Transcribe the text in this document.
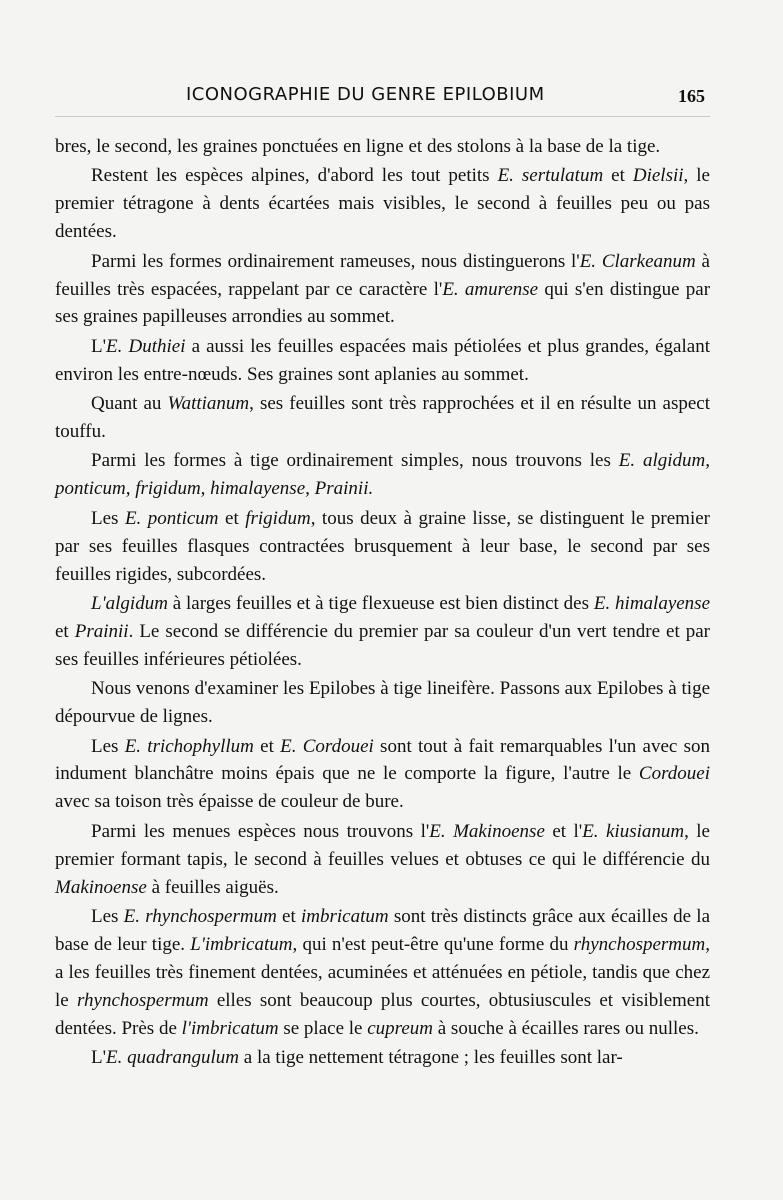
ICONOGRAPHIE DU GENRE EPILOBIUM	165

bres, le second, les graines ponctuées en ligne et des stolons à la base de la tige.

Restent les espèces alpines, d'abord les tout petits E. sertulatum et Dielsii, le premier tétragone à dents écartées mais visibles, le second à feuilles peu ou pas dentées.

Parmi les formes ordinairement rameuses, nous distinguerons l'E. Clarkeanum à feuilles très espacées, rappelant par ce caractère l'E. amurense qui s'en distingue par ses graines papilleuses arrondies au sommet.

L'E. Duthiei a aussi les feuilles espacées mais pétiolées et plus grandes, égalant environ les entre-nœuds. Ses graines sont aplanies au sommet.

Quant au Wattianum, ses feuilles sont très rapprochées et il en résulte un aspect touffu.

Parmi les formes à tige ordinairement simples, nous trouvons les E. algidum, ponticum, frigidum, himalayense, Prainii.

Les E. ponticum et frigidum, tous deux à graine lisse, se distinguent le premier par ses feuilles flasques contractées brusquement à leur base, le second par ses feuilles rigides, subcordées.

L'algidum à larges feuilles et à tige flexueuse est bien distinct des E. himalayense et Prainii. Le second se différencie du premier par sa couleur d'un vert tendre et par ses feuilles inférieures pétiolées.

Nous venons d'examiner les Epilobes à tige lineifère. Passons aux Epilobes à tige dépourvue de lignes.

Les E. trichophyllum et E. Cordouei sont tout à fait remarquables l'un avec son indument blanchâtre moins épais que ne le comporte la figure, l'autre le Cordouei avec sa toison très épaisse de couleur de bure.

Parmi les menues espèces nous trouvons l'E. Makinoense et l'E. kiusianum, le premier formant tapis, le second à feuilles velues et obtuses ce qui le différencie du Makinoense à feuilles aiguës.

Les E. rhynchospermum et imbricatum sont très distincts grâce aux écailles de la base de leur tige. L'imbricatum, qui n'est peut-être qu'une forme du rhynchospermum, a les feuilles très finement dentées, acuminées et atténuées en pétiole, tandis que chez le rhynchospermum elles sont beaucoup plus courtes, obtusiuscules et visiblement dentées. Près de l'imbricatum se place le cupreum à souche à écailles rares ou nulles.

L'E. quadrangulum a la tige nettement tétragone ; les feuilles sont lar-
